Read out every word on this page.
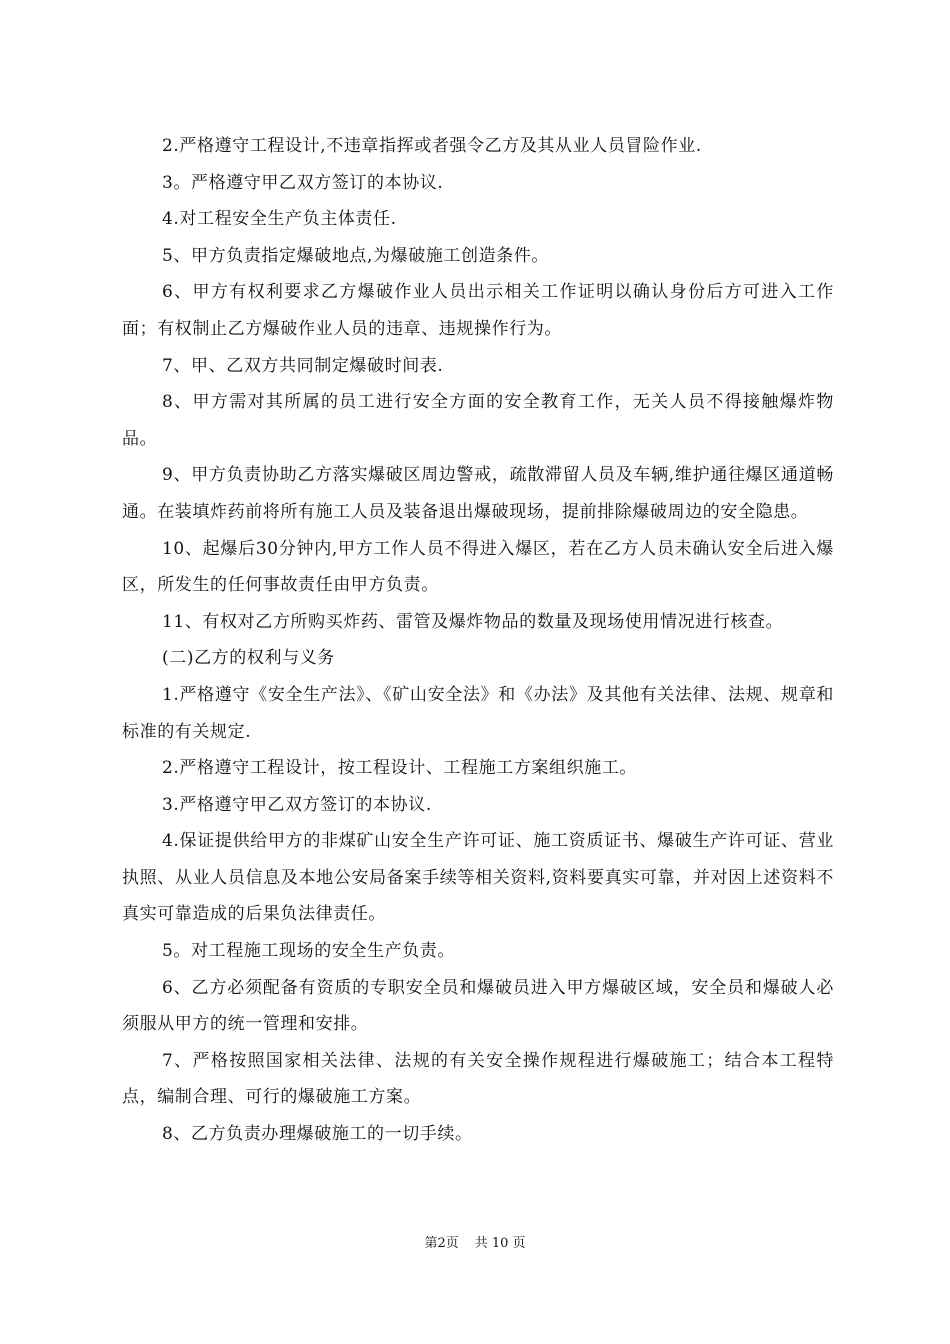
2.严格遵守工程设计,不违章指挥或者强令乙方及其从业人员冒险作业.

3。严格遵守甲乙双方签订的本协议.

4.对工程安全生产负主体责任.

5、甲方负责指定爆破地点,为爆破施工创造条件。

6、甲方有权利要求乙方爆破作业人员出示相关工作证明以确认身份后方可进入工作面；有权制止乙方爆破作业人员的违章、违规操作行为。

7、甲、乙双方共同制定爆破时间表.

8、甲方需对其所属的员工进行安全方面的安全教育工作，无关人员不得接触爆炸物品。

9、甲方负责协助乙方落实爆破区周边警戒，疏散滞留人员及车辆,维护通往爆区通道畅通。在装填炸药前将所有施工人员及装备退出爆破现场，提前排除爆破周边的安全隐患。

10、起爆后30分钟内,甲方工作人员不得进入爆区，若在乙方人员未确认安全后进入爆区，所发生的任何事故责任由甲方负责。

11、有权对乙方所购买炸药、雷管及爆炸物品的数量及现场使用情况进行核查。

(二)乙方的权利与义务

1.严格遵守《安全生产法》、《矿山安全法》和《办法》及其他有关法律、法规、规章和标准的有关规定.

2.严格遵守工程设计，按工程设计、工程施工方案组织施工。

3.严格遵守甲乙双方签订的本协议.

4.保证提供给甲方的非煤矿山安全生产许可证、施工资质证书、爆破生产许可证、营业执照、从业人员信息及本地公安局备案手续等相关资料,资料要真实可靠，并对因上述资料不真实可靠造成的后果负法律责任。

5。对工程施工现场的安全生产负责。

6、乙方必须配备有资质的专职安全员和爆破员进入甲方爆破区域，安全员和爆破人必须服从甲方的统一管理和安排。

7、严格按照国家相关法律、法规的有关安全操作规程进行爆破施工；结合本工程特点，编制合理、可行的爆破施工方案。

8、乙方负责办理爆破施工的一切手续。

第2页 共 10 页
